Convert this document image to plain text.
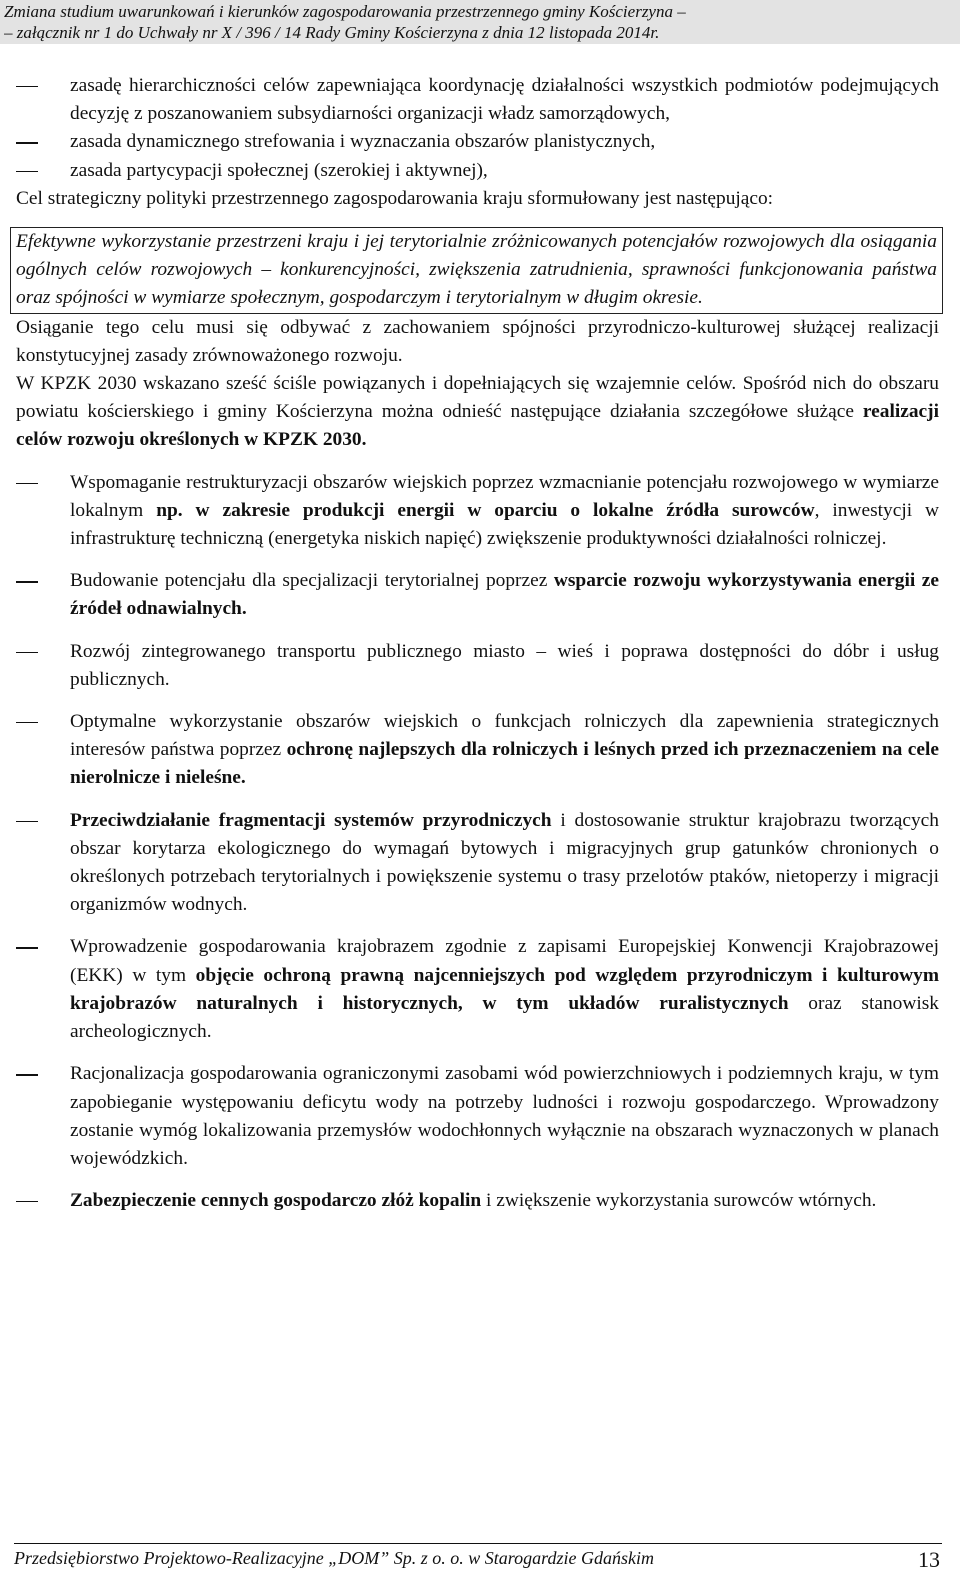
Zmiana studium uwarunkowań i kierunków zagospodarowania przestrzennego gminy Kościerzyna –
– załącznik nr 1 do Uchwały nr X / 396 / 14 Rady Gminy Kościerzyna z dnia 12 listopada 2014r.
zasadę hierarchiczności celów zapewniająca koordynację działalności wszystkich podmiotów podejmujących decyzję z poszanowaniem subsydiarności organizacji władz samorządowych,
zasada dynamicznego strefowania i wyznaczania obszarów planistycznych,
zasada partycypacji społecznej (szerokiej i aktywnej),

Cel strategiczny polityki przestrzennego zagospodarowania kraju sformułowany jest następująco:

Efektywne wykorzystanie przestrzeni kraju i jej terytorialnie zróżnicowanych potencjałów rozwojowych dla osiągania ogólnych celów rozwojowych – konkurencyjności, zwiększenia zatrudnienia, sprawności funkcjonowania państwa oraz spójności w wymiarze społecznym, gospodarczym i terytorialnym w długim okresie.

Osiąganie tego celu musi się odbywać z zachowaniem spójności przyrodniczo-kulturowej służącej realizacji konstytucyjnej zasady zrównoważonego rozwoju.

W KPZK 2030 wskazano sześć ściśle powiązanych i dopełniających się wzajemnie celów. Spośród nich do obszaru powiatu kościerskiego i gminy Kościerzyna można odnieść następujące działania szczegółowe służące realizacji celów rozwoju określonych w KPZK 2030.

Wspomaganie restrukturyzacji obszarów wiejskich poprzez wzmacnianie potencjału rozwojowego w wymiarze lokalnym np. w zakresie produkcji energii w oparciu o lokalne źródła surowców, inwestycji w infrastrukturę techniczną (energetyka niskich napięć) zwiększenie produktywności działalności rolniczej.
Budowanie potencjału dla specjalizacji terytorialnej poprzez wsparcie rozwoju wykorzystywania energii ze źródeł odnawialnych.
Rozwój zintegrowanego transportu publicznego miasto – wieś i poprawa dostępności do dóbr i usług publicznych.
Optymalne wykorzystanie obszarów wiejskich o funkcjach rolniczych dla zapewnienia strategicznych interesów państwa poprzez ochronę najlepszych dla rolniczych i leśnych przed ich przeznaczeniem na cele nierolnicze i nieleśne.
Przeciwdziałanie fragmentacji systemów przyrodniczych i dostosowanie struktur krajobrazu tworzących obszar korytarza ekologicznego do wymagań bytowych i migracyjnych grup gatunków chronionych o określonych potrzebach terytorialnych i powiększenie systemu o trasy przelotów ptaków, nietoperzy i migracji organizmów wodnych.
Wprowadzenie gospodarowania krajobrazem zgodnie z zapisami Europejskiej Konwencji Krajobrazowej (EKK) w tym objęcie ochroną prawną najcenniejszych pod względem przyrodniczym i kulturowym krajobrazów naturalnych i historycznych, w tym układów ruralistycznych oraz stanowisk archeologicznych.
Racjonalizacja gospodarowania ograniczonymi zasobami wód powierzchniowych i podziemnych kraju, w tym zapobieganie występowaniu deficytu wody na potrzeby ludności i rozwoju gospodarczego. Wprowadzony zostanie wymóg lokalizowania przemysłów wodochłonnych wyłącznie na obszarach wyznaczonych w planach wojewódzkich.
Zabezpieczenie cennych gospodarczo złóż kopalin i zwiększenie wykorzystania surowców wtórnych.
Przedsiębiorstwo Projektowo-Realizacyjne „DOM” Sp. z o. o. w Starogardzie Gdańskim	13
